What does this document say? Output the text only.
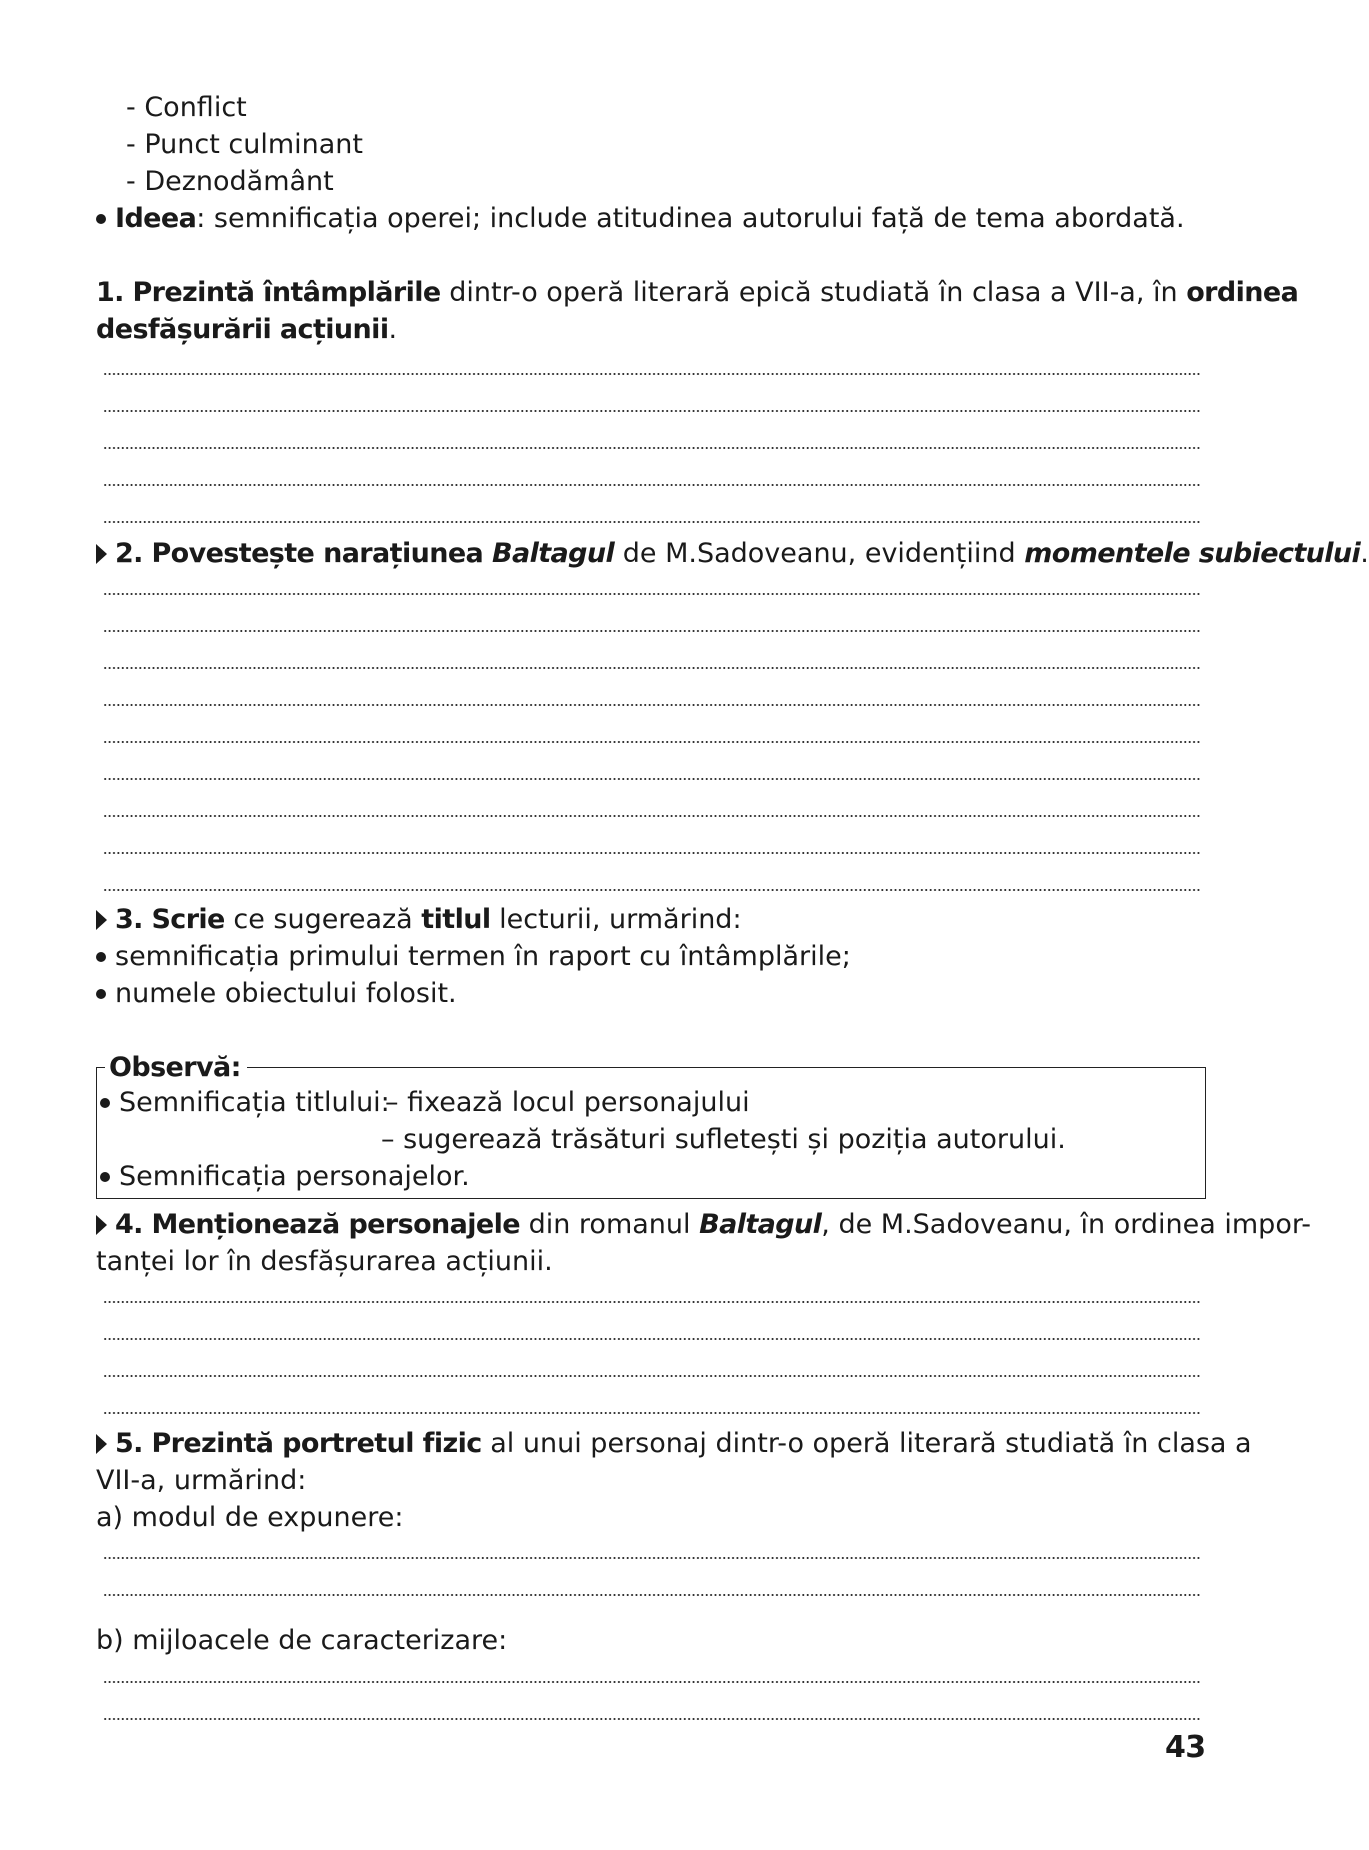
- Conflict
- Punct culminant
- Deznodământ
Ideea: semnificația operei; include atitudinea autorului față de tema abordată.
1. Prezintă întâmplările dintr-o operă literară epică studiată în clasa a VII-a, în ordinea
desfășurării acțiunii.
2. Povestește narațiunea Baltagul de M.Sadoveanu, evidențiind momentele subiectului.
3. Scrie ce sugerează titlul lecturii, urmărind:
semnificația primului termen în raport cu întâmplările;
numele obiectului folosit.
Observă:
Semnificația titlului:
– fixează locul personajului
– sugerează trăsături sufletești și poziția autorului.
Semnificația personajelor.
4. Menționează personajele din romanul Baltagul, de M.Sadoveanu, în ordinea impor-
tanței lor în desfășurarea acțiunii.
5. Prezintă portretul fizic al unui personaj dintr-o operă literară studiată în clasa a
VII-a, urmărind:
a) modul de expunere:
b) mijloacele de caracterizare:
43
